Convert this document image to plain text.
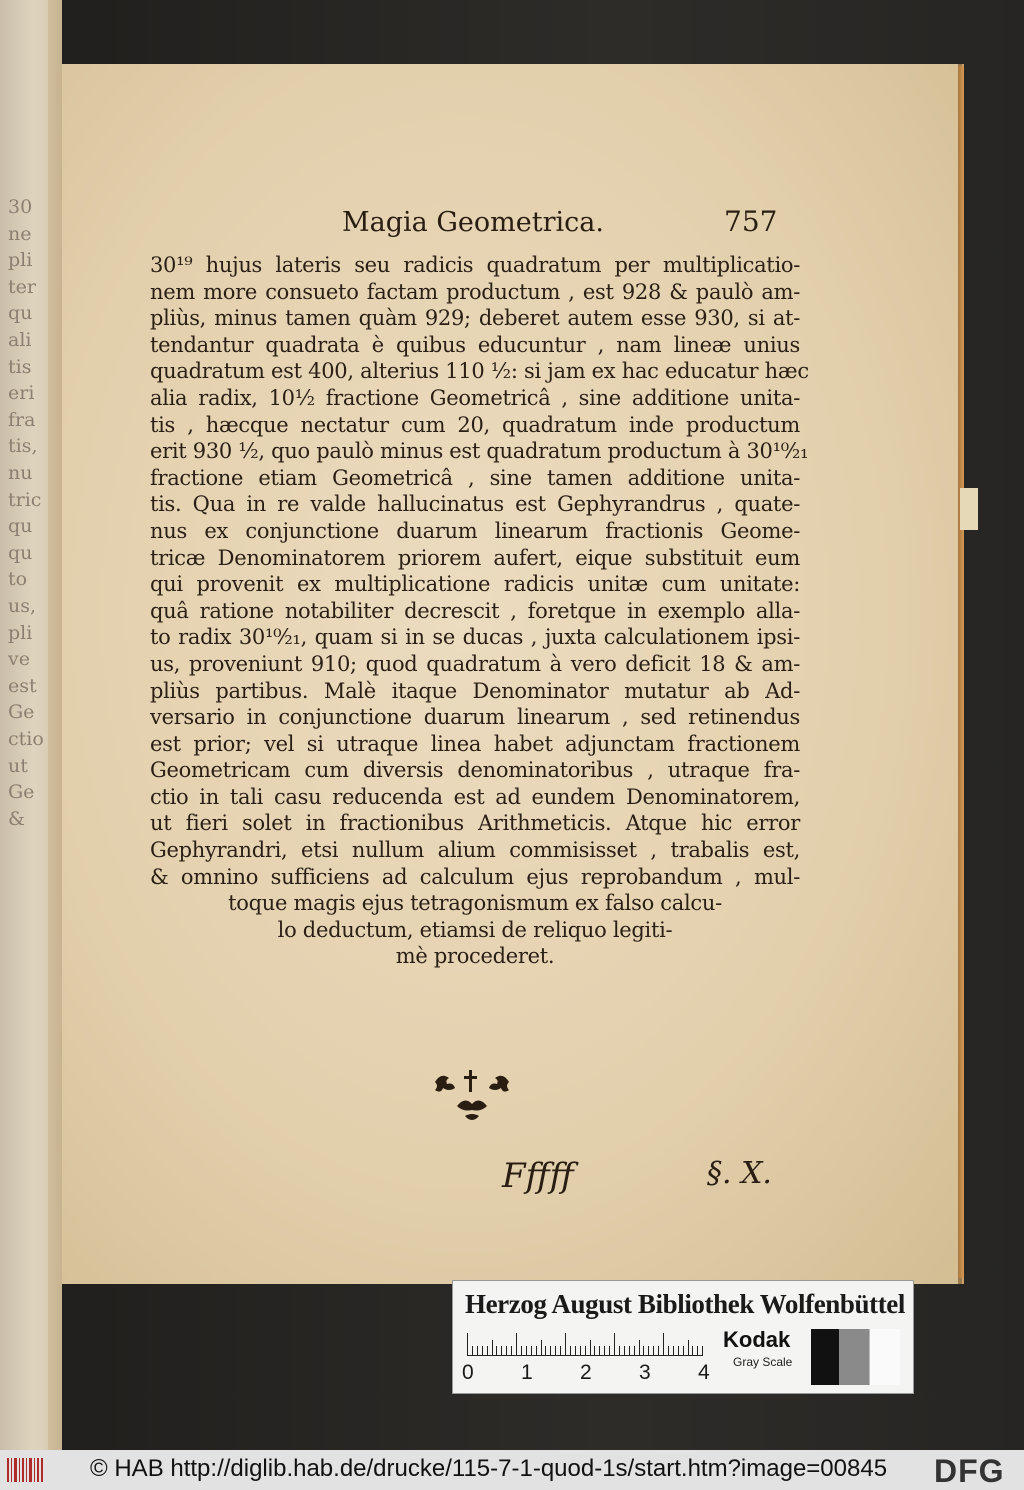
30
ne
pli
ter
qu
ali
tis
eri
fra
tis,
nu
tric
qu
qu
to
us,
pli
ve
est
Ge
ctio
ut
Ge
&
Magia Geometrica.	757
30¹⁹ hujus lateris seu radicis quadratum per multiplicatio-
nem more consueto factam productum , est 928 & paulò am-
pliùs, minus tamen quàm 929; deberet autem esse 930, si at-
tendantur quadrata è quibus educuntur , nam lineæ unius
quadratum est 400, alterius 110 ½: si jam ex hac educatur hæc
alia radix, 10½ fractione Geometricâ , sine additione unita-
tis , hæcque nectatur cum 20, quadratum inde productum
erit 930 ½, quo paulò minus est quadratum productum à 30¹⁰⁄₂₁
fractione etiam Geometricâ , sine tamen additione unita-
tis. Qua in re valde hallucinatus est Gephyrandrus , quate-
nus ex conjunctione duarum linearum fractionis Geome-
tricæ Denominatorem priorem aufert, eique substituit eum
qui provenit ex multiplicatione radicis unitæ cum unitate:
quâ ratione notabiliter decrescit , foretque in exemplo alla-
to radix 30¹⁰⁄₂₁, quam si in se ducas , juxta calculationem ipsi-
us, proveniunt 910; quod quadratum à vero deficit 18 & am-
pliùs partibus. Malè itaque Denominator mutatur ab Ad-
versario in conjunctione duarum linearum , sed retinendus
est prior; vel si utraque linea habet adjunctam fractionem
Geometricam cum diversis denominatoribus , utraque fra-
ctio in tali casu reducenda est ad eundem Denominatorem,
ut fieri solet in fractionibus Arithmeticis. Atque hic error
Gephyrandri, etsi nullum alium commisisset , trabalis est,
& omnino sufficiens ad calculum ejus reprobandum , mul-
toque magis ejus tetragonismum ex falso calcu-
lo deductum, etiamsi de reliquo legiti-
mè procederet.
Fffff	§. X.
Herzog August Bibliothek Wolfenbüttel
0 1 2 3 4
Kodak
Gray Scale
© HAB http://diglib.hab.de/drucke/115-7-1-quod-1s/start.htm?image=00845 DFG
